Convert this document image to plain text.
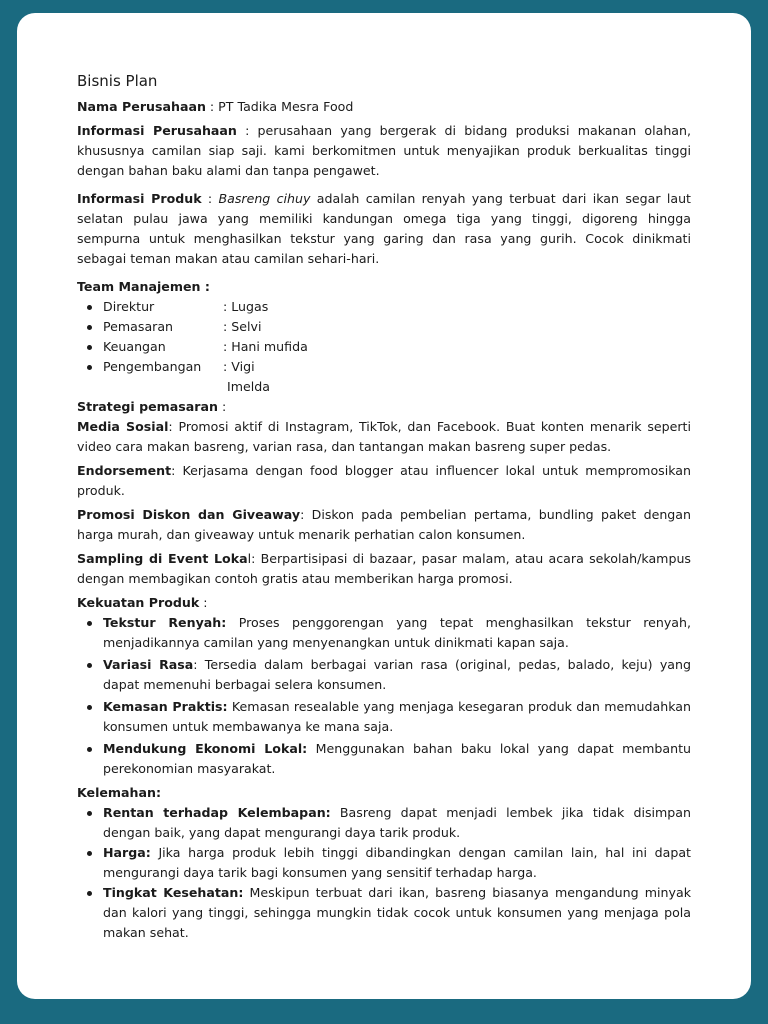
Bisnis Plan

Nama Perusahaan : PT Tadika Mesra Food

Informasi Perusahaan : perusahaan yang bergerak di bidang produksi makanan olahan, khususnya camilan siap saji. kami berkomitmen untuk menyajikan produk berkualitas tinggi dengan bahan baku alami dan tanpa pengawet.

Informasi Produk : Basreng cihuy adalah camilan renyah yang terbuat dari ikan segar laut selatan pulau jawa yang memiliki kandungan omega tiga yang tinggi, digoreng hingga sempurna untuk menghasilkan tekstur yang garing dan rasa yang gurih. Cocok dinikmati sebagai teman makan atau camilan sehari-hari.

Team Manajemen :

Direktur	: Lugas
Pemasaran	: Selvi
Keuangan	: Hani mufida
Pengembangan : Vigi
Imelda

Strategi pemasaran :

Media Sosial: Promosi aktif di Instagram, TikTok, dan Facebook. Buat konten menarik seperti video cara makan basreng, varian rasa, dan tantangan makan basreng super pedas.

Endorsement: Kerjasama dengan food blogger atau influencer lokal untuk mempromosikan produk.

Promosi Diskon dan Giveaway: Diskon pada pembelian pertama, bundling paket dengan harga murah, dan giveaway untuk menarik perhatian calon konsumen.

Sampling di Event Lokal: Berpartisipasi di bazaar, pasar malam, atau acara sekolah/kampus dengan membagikan contoh gratis atau memberikan harga promosi.

Kekuatan Produk :

Tekstur Renyah: Proses penggorengan yang tepat menghasilkan tekstur renyah, menjadikannya camilan yang menyenangkan untuk dinikmati kapan saja.
Variasi Rasa: Tersedia dalam berbagai varian rasa (original, pedas, balado, keju) yang dapat memenuhi berbagai selera konsumen.
Kemasan Praktis: Kemasan resealable yang menjaga kesegaran produk dan memudahkan konsumen untuk membawanya ke mana saja.
Mendukung Ekonomi Lokal: Menggunakan bahan baku lokal yang dapat membantu perekonomian masyarakat.

Kelemahan:

Rentan terhadap Kelembapan: Basreng dapat menjadi lembek jika tidak disimpan dengan baik, yang dapat mengurangi daya tarik produk.
Harga: Jika harga produk lebih tinggi dibandingkan dengan camilan lain, hal ini dapat mengurangi daya tarik bagi konsumen yang sensitif terhadap harga.
Tingkat Kesehatan: Meskipun terbuat dari ikan, basreng biasanya mengandung minyak dan kalori yang tinggi, sehingga mungkin tidak cocok untuk konsumen yang menjaga pola makan sehat.
